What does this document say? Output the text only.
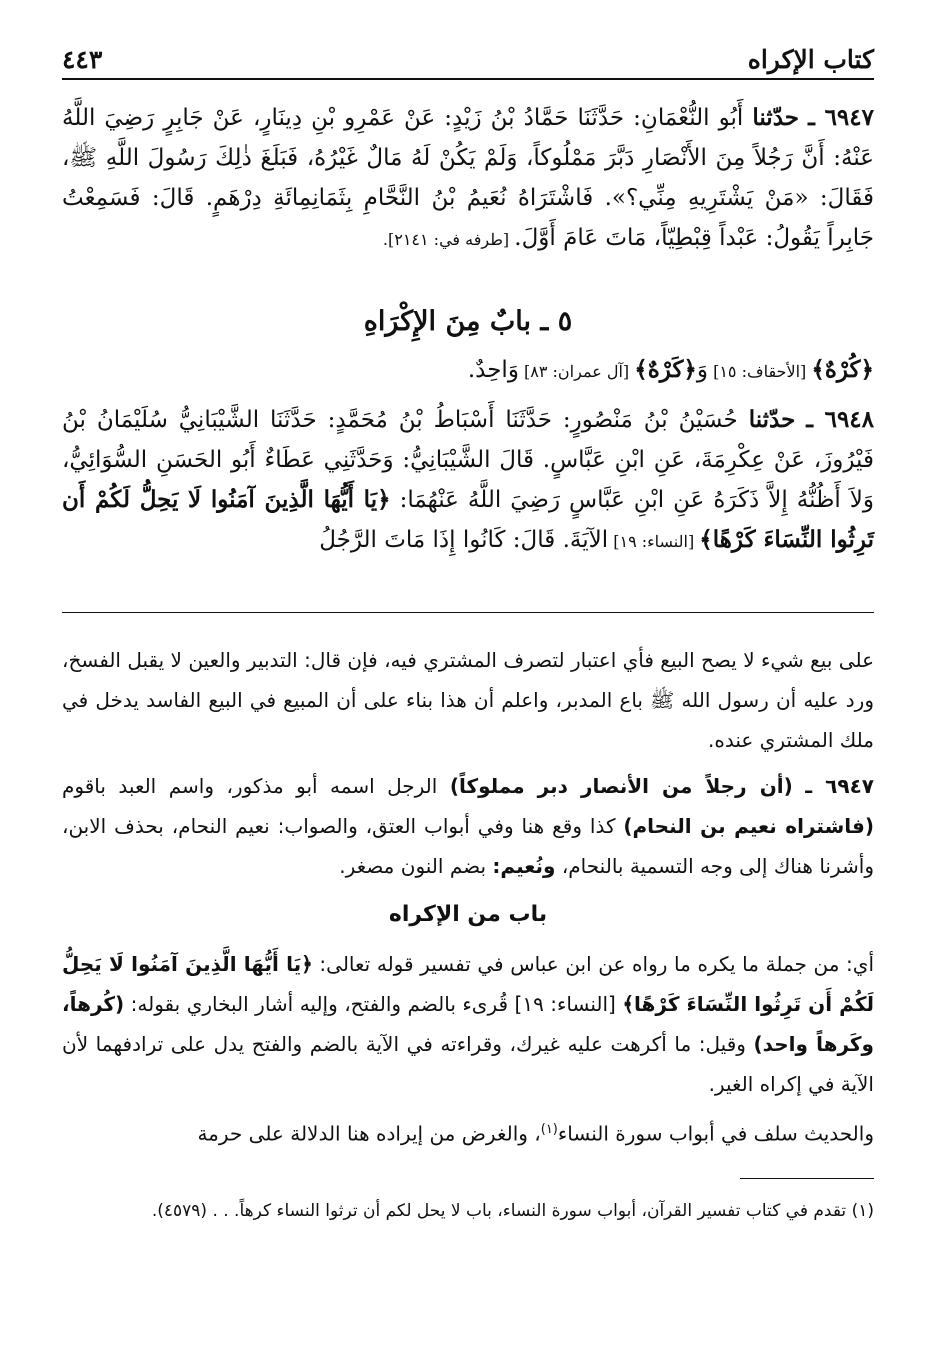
كتاب الإكراه
٤٤٣
٦٩٤٧ ـ حدّثنا أَبُو النُّعْمَانِ: حَدَّثَنَا حَمَّادُ بْنُ زَيْدٍ: عَنْ عَمْرِو بْنِ دِينَارٍ، عَنْ جَابِرٍ رَضِيَ اللَّهُ عَنْهُ: أَنَّ رَجُلاً مِنَ الأَنْصَارِ دَبَّرَ مَمْلُوكاً، وَلَمْ يَكُنْ لَهُ مَالٌ غَيْرُهُ، فَبَلَغَ ذٰلِكَ رَسُولَ اللَّهِ ﷺ، فَقَالَ: «مَنْ يَشْتَرِيهِ مِنِّي؟». فَاشْتَرَاهُ نُعَيمُ بْنُ النَّحَّامِ بِثَمَانِمِائَةِ دِرْهَمٍ. قَالَ: فَسَمِعْتُ جَابِراً يَقُولُ: عَبْداً قِبْطِيّاً، مَاتَ عَامَ أَوَّلَ. [طرفه في: ٢١٤١].
٥ ـ بابٌ مِنَ الإِكْرَاهِ
﴿كُرْهٌ﴾ [الأحقاف: ١٥] وَ﴿كَرْهٌ﴾ [آل عمران: ٨٣] وَاحِدٌ.
٦٩٤٨ ـ حدّثنا حُسَيْنُ بْنُ مَنْصُورٍ: حَدَّثَنَا أَسْبَاطُ بْنُ مُحَمَّدٍ: حَدَّثَنَا الشَّيْبَانِيُّ سُلَيْمَانُ بْنُ فَيْرُوزَ، عَنْ عِكْرِمَةَ، عَنِ ابْنِ عَبَّاسٍ. قَالَ الشَّيْبَانِيُّ: وَحَدَّثَنِي عَطَاءٌ أَبُو الحَسَنِ السُّوَائِيُّ، وَلاَ أَظُنُّهُ إِلاَّ ذَكَرَهُ عَنِ ابْنِ عَبَّاسٍ رَضِيَ اللَّهُ عَنْهُمَا: ﴿يَا أَيُّهَا الَّذِينَ آمَنُوا لَا يَحِلُّ لَكُمْ أَن تَرِثُوا النِّسَاءَ كَرْهًا﴾ [النساء: ١٩] الآيَةَ. قَالَ: كَانُوا إِذَا مَاتَ الرَّجُلُ
على بيع شيء لا يصح البيع فأي اعتبار لتصرف المشتري فيه، فإن قال: التدبير والعين لا يقبل الفسخ، ورد عليه أن رسول الله ﷺ باع المدبر، واعلم أن هذا بناء على أن المبيع في البيع الفاسد يدخل في ملك المشتري عنده.
٦٩٤٧ ـ (أن رجلاً من الأنصار دبر مملوكاً) الرجل اسمه أبو مذكور، واسم العبد باقوم (فاشتراه نعيم بن النحام) كذا وقع هنا وفي أبواب العتق، والصواب: نعيم النحام، بحذف الابن، وأشرنا هناك إلى وجه التسمية بالنحام، ونُعيم: بضم النون مصغر.
باب من الإكراه
أي: من جملة ما يكره ما رواه عن ابن عباس في تفسير قوله تعالى: ﴿يَا أَيُّهَا الَّذِينَ آمَنُوا لَا يَحِلُّ لَكُمْ أَن تَرِثُوا النِّسَاءَ كَرْهًا﴾ [النساء: ١٩] قُرىء بالضم والفتح، وإليه أشار البخاري بقوله: (كُرهاً، وكَرهاً واحد) وقيل: ما أكرهت عليه غيرك، وقراءته في الآية بالضم والفتح يدل على ترادفهما لأن الآية في إكراه الغير.
والحديث سلف في أبواب سورة النساء$^{(١)}$، والغرض من إيراده هنا الدلالة على حرمة
(١) تقدم في كتاب تفسير القرآن، أبواب سورة النساء، باب لا يحل لكم أن ترثوا النساء كرهاً. . . (٤٥٧٩).
